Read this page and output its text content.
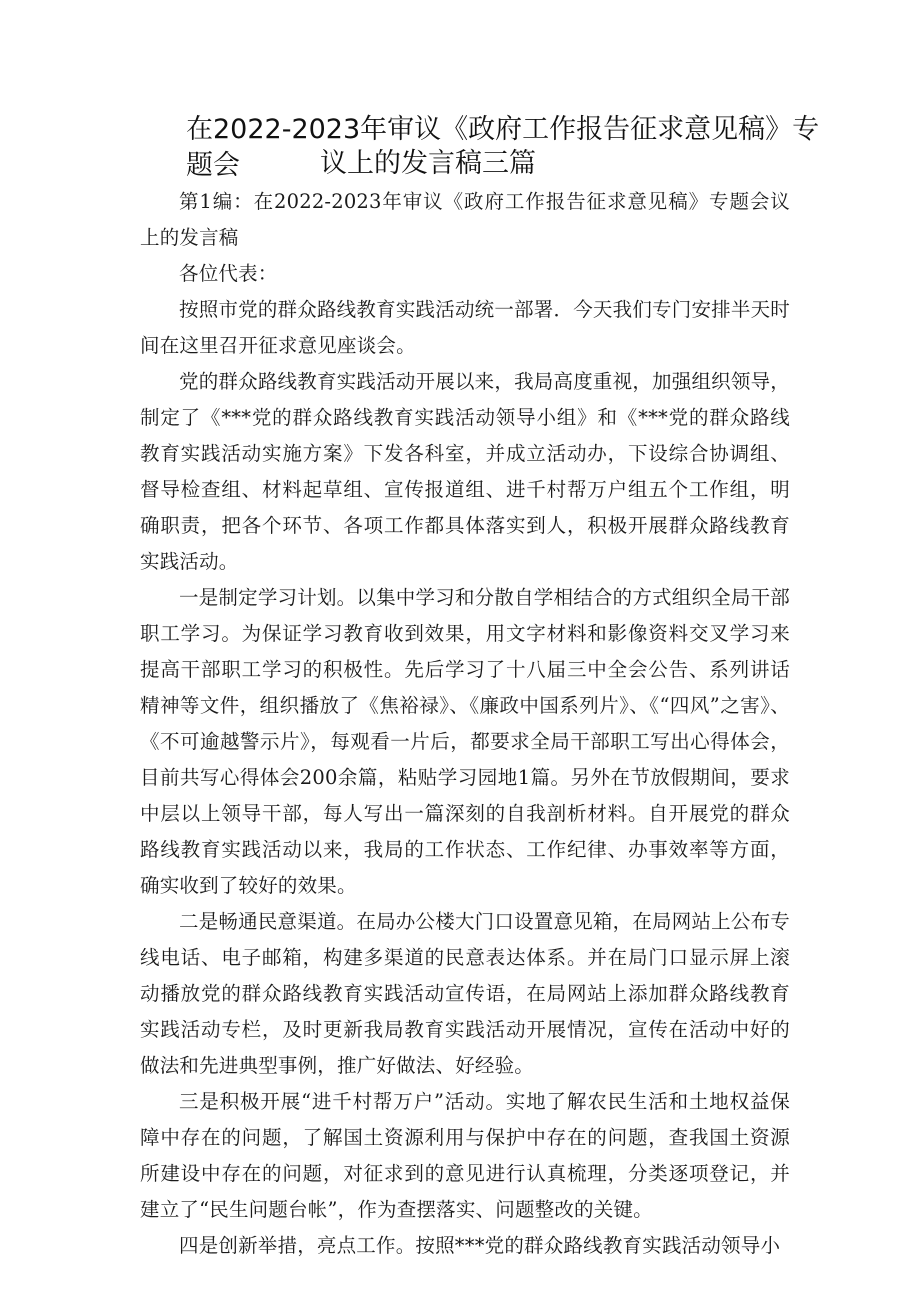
在2022-2023年审议《政府工作报告征求意见稿》专题会	议上的发言稿三篇

第1编：在2022-2023年审议《政府工作报告征求意见稿》专题会议上的发言稿

各位代表：

按照市党的群众路线教育实践活动统一部署．今天我们专门安排半天时间在这里召开征求意见座谈会。

党的群众路线教育实践活动开展以来，我局高度重视，加强组织领导，制定了《***党的群众路线教育实践活动领导小组》和《***党的群众路线教育实践活动实施方案》下发各科室，并成立活动办，下设综合协调组、督导检查组、材料起草组、宣传报道组、进千村帮万户组五个工作组，明确职责，把各个环节、各项工作都具体落实到人，积极开展群众路线教育实践活动。

一是制定学习计划。以集中学习和分散自学相结合的方式组织全局干部职工学习。为保证学习教育收到效果，用文字材料和影像资料交叉学习来提高干部职工学习的积极性。先后学习了十八届三中全会公告、系列讲话精神等文件，组织播放了《焦裕禄》、《廉政中国系列片》、《“四风”之害》、《不可逾越警示片》，每观看一片后，都要求全局干部职工写出心得体会，目前共写心得体会200余篇，粘贴学习园地1篇。另外在节放假期间，要求中层以上领导干部，每人写出一篇深刻的自我剖析材料。自开展党的群众路线教育实践活动以来，我局的工作状态、工作纪律、办事效率等方面，确实收到了较好的效果。

二是畅通民意渠道。在局办公楼大门口设置意见箱，在局网站上公布专线电话、电子邮箱，构建多渠道的民意表达体系。并在局门口显示屏上滚动播放党的群众路线教育实践活动宣传语，在局网站上添加群众路线教育实践活动专栏，及时更新我局教育实践活动开展情况，宣传在活动中好的做法和先进典型事例，推广好做法、好经验。

三是积极开展“进千村帮万户”活动。实地了解农民生活和土地权益保障中存在的问题，了解国土资源利用与保护中存在的问题，查我国土资源所建设中存在的问题，对征求到的意见进行认真梳理，分类逐项登记，并建立了“民生问题台帐”，作为查摆落实、问题整改的关键。

四是创新举措，亮点工作。按照***党的群众路线教育实践活动领导小
